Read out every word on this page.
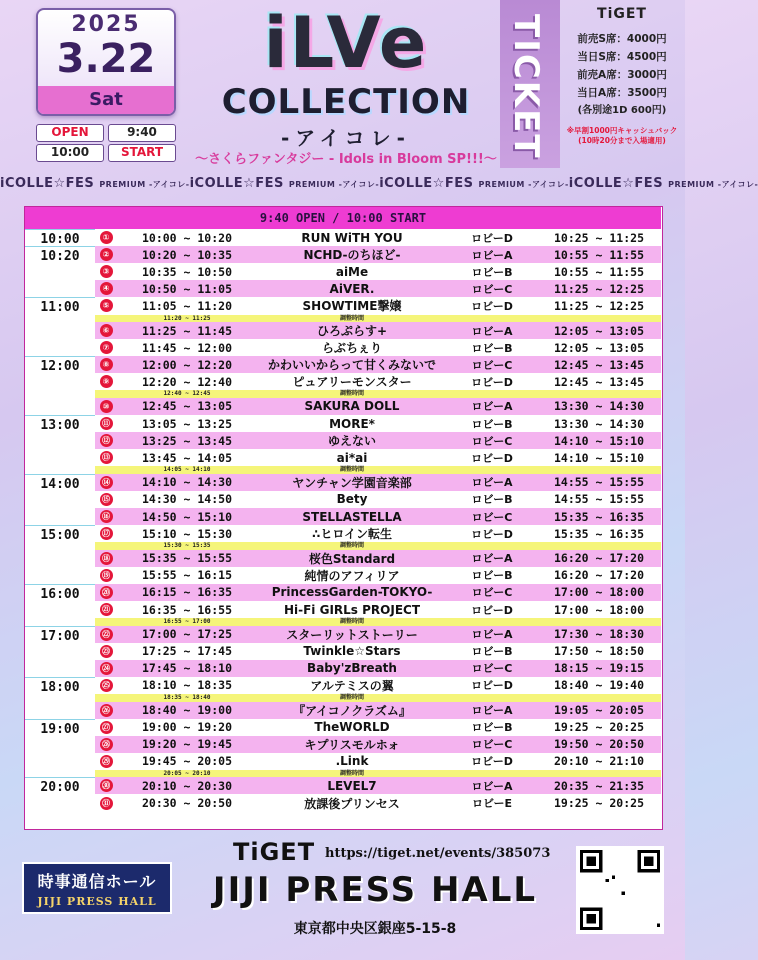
2025
3.22
Sat
OPEN	9:40
10:00	START
iLVe
COLLECTION
-アイコレ-
〜さくらファンタジー - Idols in Bloom SP!!!〜 TICKET	TiGET
前売S席：4000円
当日S席：4500円
前売A席：3000円
当日A席：3500円
(各別途1D 600円)
※早割1000円キャッシュバック
(10時20分まで入場適用)
iCOLLE☆FES PREMIUM -アイコレ- iCOLLE☆FES PREMIUM -アイコレ- iCOLLE☆FES PREMIUM -アイコレ- iCOLLE☆FES PREMIUM -アイコレ-
9:40 OPEN / 10:00 START
10:00
10:20
11:00
12:00
13:00
14:00
15:00
16:00
17:00
18:00
19:00
20:00
①	10:00 ~ 10:20	RUN WiTH YOU	ロビーD	10:25 ~ 11:25
②	10:20 ~ 10:35	NCHD-のちほど-	ロビーA	10:55 ~ 11:55
③	10:35 ~ 10:50	aiMe	ロビーB	10:55 ~ 11:55
④	10:50 ~ 11:05	AiVER.	ロビーC	11:25 ~ 12:25
⑤	11:05 ~ 11:20	SHOWTIME撃嬢	ロビーD	11:25 ~ 12:25
11:20 ~ 11:25	調整時間
⑥	11:25 ~ 11:45	ひろぷらす+	ロビーA	12:05 ~ 13:05
⑦	11:45 ~ 12:00	らぶちぇり	ロビーB	12:05 ~ 13:05
⑧	12:00 ~ 12:20	かわいいからって甘くみないで	ロビーC	12:45 ~ 13:45
⑨	12:20 ~ 12:40	ピュアリーモンスター	ロビーD	12:45 ~ 13:45
12:40 ~ 12:45	調整時間
⑩	12:45 ~ 13:05	SAKURA DOLL	ロビーA	13:30 ~ 14:30
⑪	13:05 ~ 13:25	MORE*	ロビーB	13:30 ~ 14:30
⑫	13:25 ~ 13:45	ゆえない	ロビーC	14:10 ~ 15:10
⑬	13:45 ~ 14:05	ai*ai	ロビーD	14:10 ~ 15:10
14:05 ~ 14:10	調整時間
⑭	14:10 ~ 14:30	ヤンチャン学園音楽部	ロビーA	14:55 ~ 15:55
⑮	14:30 ~ 14:50	Bety	ロビーB	14:55 ~ 15:55
⑯	14:50 ~ 15:10	STELLASTELLA	ロビーC	15:35 ~ 16:35
⑰	15:10 ~ 15:30	∴ヒロイン転生	ロビーD	15:35 ~ 16:35
15:30 ~ 15:35	調整時間
⑱	15:35 ~ 15:55	桜色Standard	ロビーA	16:20 ~ 17:20
⑲	15:55 ~ 16:15	純情のアフィリア	ロビーB	16:20 ~ 17:20
⑳	16:15 ~ 16:35	PrincessGarden-TOKYO-	ロビーC	17:00 ~ 18:00
㉑	16:35 ~ 16:55	Hi-Fi GIRLs PROJECT	ロビーD	17:00 ~ 18:00
16:55 ~ 17:00	調整時間
㉒	17:00 ~ 17:25	スターリットストーリー	ロビーA	17:30 ~ 18:30
㉓	17:25 ~ 17:45	Twinkle☆Stars	ロビーB	17:50 ~ 18:50
㉔	17:45 ~ 18:10	Baby'zBreath	ロビーC	18:15 ~ 19:15
㉕	18:10 ~ 18:35	アルテミスの翼	ロビーD	18:40 ~ 19:40
18:35 ~ 18:40	調整時間
㉖	18:40 ~ 19:00	『アイコノクラズム』	ロビーA	19:05 ~ 20:05
㉗	19:00 ~ 19:20	TheWORLD	ロビーB	19:25 ~ 20:25
㉘	19:20 ~ 19:45	キプリスモルホォ	ロビーC	19:50 ~ 20:50
㉙	19:45 ~ 20:05	.Link	ロビーD	20:10 ~ 21:10
20:05 ~ 20:10	調整時間
㉚	20:10 ~ 20:30	LEVEL7	ロビーA	20:35 ~ 21:35
㉛	20:30 ~ 20:50	放課後プリンセス	ロビーE	19:25 ~ 20:25
時事通信ホール
JIJI PRESS HALL
TiGET https://tiget.net/events/385073
JIJI PRESS HALL
東京都中央区銀座5-15-8
